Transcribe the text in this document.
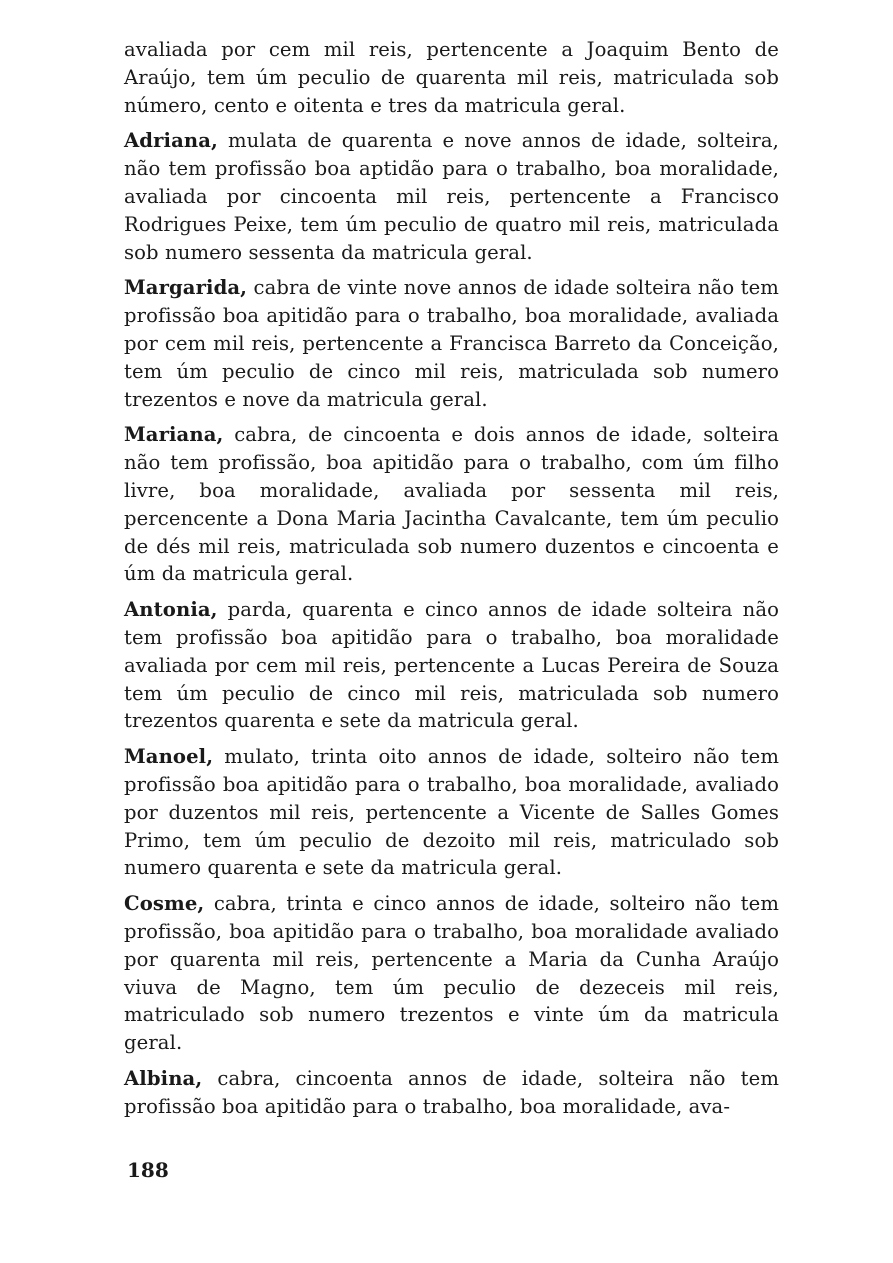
avaliada por cem mil reis, pertencente a Joaquim Bento de Araújo, tem úm peculio de quarenta mil reis, matriculada sob número, cento e oitenta e tres da matricula geral.

Adriana, mulata de quarenta e nove annos de idade, solteira, não tem profissão boa aptidão para o trabalho, boa moralidade, avaliada por cincoenta mil reis, pertencente a Francisco Rodrigues Peixe, tem úm peculio de quatro mil reis, matriculada sob numero sessenta da matricula geral.

Margarida, cabra de vinte nove annos de idade solteira não tem profissão boa apitidão para o trabalho, boa moralidade, avaliada por cem mil reis, pertencente a Francisca Barreto da Conceição, tem úm peculio de cinco mil reis, matriculada sob numero trezentos e nove da matricula geral.

Mariana, cabra, de cincoenta e dois annos de idade, solteira não tem profissão, boa apitidão para o trabalho, com úm filho livre, boa moralidade, avaliada por sessenta mil reis, percencente a Dona Maria Jacintha Cavalcante, tem úm peculio de dés mil reis, matriculada sob numero duzentos e cincoenta e úm da matricula geral.

Antonia, parda, quarenta e cinco annos de idade solteira não tem profissão boa apitidão para o trabalho, boa moralidade avaliada por cem mil reis, pertencente a Lucas Pereira de Souza tem úm peculio de cinco mil reis, matriculada sob numero trezentos quarenta e sete da matricula geral.

Manoel, mulato, trinta oito annos de idade, solteiro não tem profissão boa apitidão para o trabalho, boa moralidade, avaliado por duzentos mil reis, pertencente a Vicente de Salles Gomes Primo, tem úm peculio de dezoito mil reis, matriculado sob numero quarenta e sete da matricula geral.

Cosme, cabra, trinta e cinco annos de idade, solteiro não tem profissão, boa apitidão para o trabalho, boa moralidade avaliado por quarenta mil reis, pertencente a Maria da Cunha Araújo viuva de Magno, tem úm peculio de dezeceis mil reis, matriculado sob numero trezentos e vinte úm da matricula geral.

Albina, cabra, cincoenta annos de idade, solteira não tem profissão boa apitidão para o trabalho, boa moralidade, ava-

188
